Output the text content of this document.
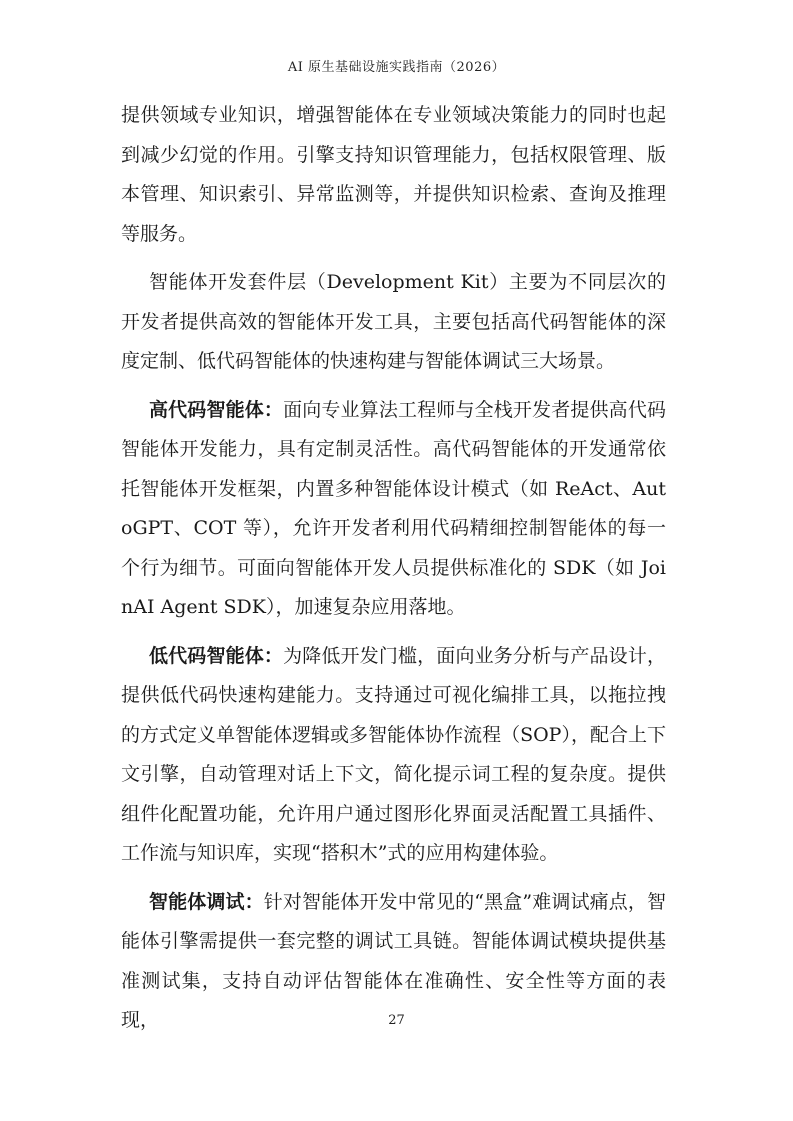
AI 原生基础设施实践指南（2026）

提供领域专业知识，增强智能体在专业领域决策能力的同时也起到减少幻觉的作用。引擎支持知识管理能力，包括权限管理、版本管理、知识索引、异常监测等，并提供知识检索、查询及推理等服务。

智能体开发套件层（Development Kit）主要为不同层次的开发者提供高效的智能体开发工具，主要包括高代码智能体的深度定制、低代码智能体的快速构建与智能体调试三大场景。

高代码智能体：面向专业算法工程师与全栈开发者提供高代码智能体开发能力，具有定制灵活性。高代码智能体的开发通常依托智能体开发框架，内置多种智能体设计模式（如 ReAct、AutoGPT、COT 等），允许开发者利用代码精细控制智能体的每一个行为细节。可面向智能体开发人员提供标准化的 SDK（如 JoinAI Agent SDK），加速复杂应用落地。

低代码智能体：为降低开发门槛，面向业务分析与产品设计，提供低代码快速构建能力。支持通过可视化编排工具，以拖拉拽的方式定义单智能体逻辑或多智能体协作流程（SOP），配合上下文引擎，自动管理对话上下文，简化提示词工程的复杂度。提供组件化配置功能，允许用户通过图形化界面灵活配置工具插件、工作流与知识库，实现“搭积木”式的应用构建体验。

智能体调试：针对智能体开发中常见的“黑盒”难调试痛点，智能体引擎需提供一套完整的调试工具链。智能体调试模块提供基准测试集，支持自动评估智能体在准确性、安全性等方面的表现，	27
